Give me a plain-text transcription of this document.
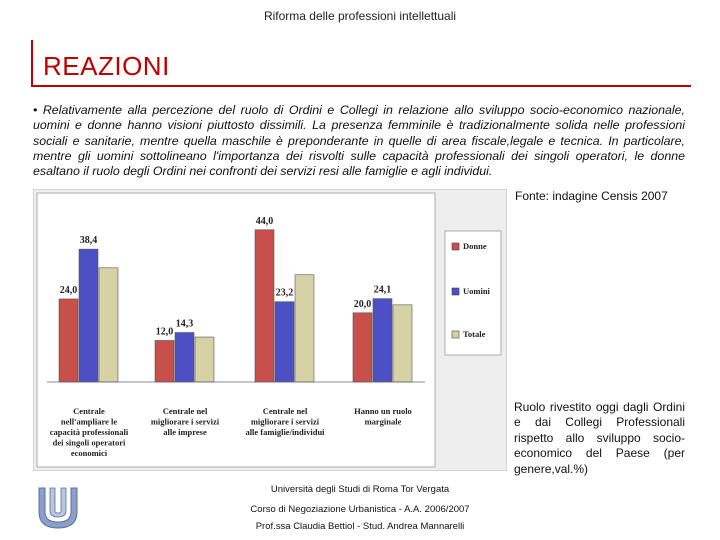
Riforma delle professioni intellettuali
REAZIONI
• Relativamente alla percezione del ruolo di Ordini e Collegi in relazione allo sviluppo socio-economico nazionale, uomini e donne hanno visioni piuttosto dissimili. La presenza femminile è tradizionalmente solida nelle professioni sociali e sanitarie, mentre quella maschile è preponderante in quelle di area fiscale,legale e tecnica. In particolare, mentre gli uomini sottolineano l'importanza dei risvolti sulle capacità professionali dei singoli operatori, le donne esaltano il ruolo degli Ordini nei confronti dei servizi resi alle famiglie e agli individui.
Fonte: indagine Censis 2007
24,0
38,4
12,0
14,3
44,0
23,2
20,0
24,1
Centrale nell'ampliare le capacità professionali dei singoli operatori economici
Centrale nel migliorare i servizi alle imprese
Centrale nel migliorare i servizi alle famiglie/individui
Hanno un ruolo marginale
Donne
Uomini
Totale
Ruolo rivestito oggi dagli Ordini e dai Collegi Professionali rispetto allo sviluppo socio-economico del Paese (per genere,val.%)
Università degli Studi di Roma Tor Vergata
Corso di Negoziazione Urbanistica - A.A. 2006/2007
Prof.ssa Claudia Bettiol - Stud. Andrea Mannarelli
